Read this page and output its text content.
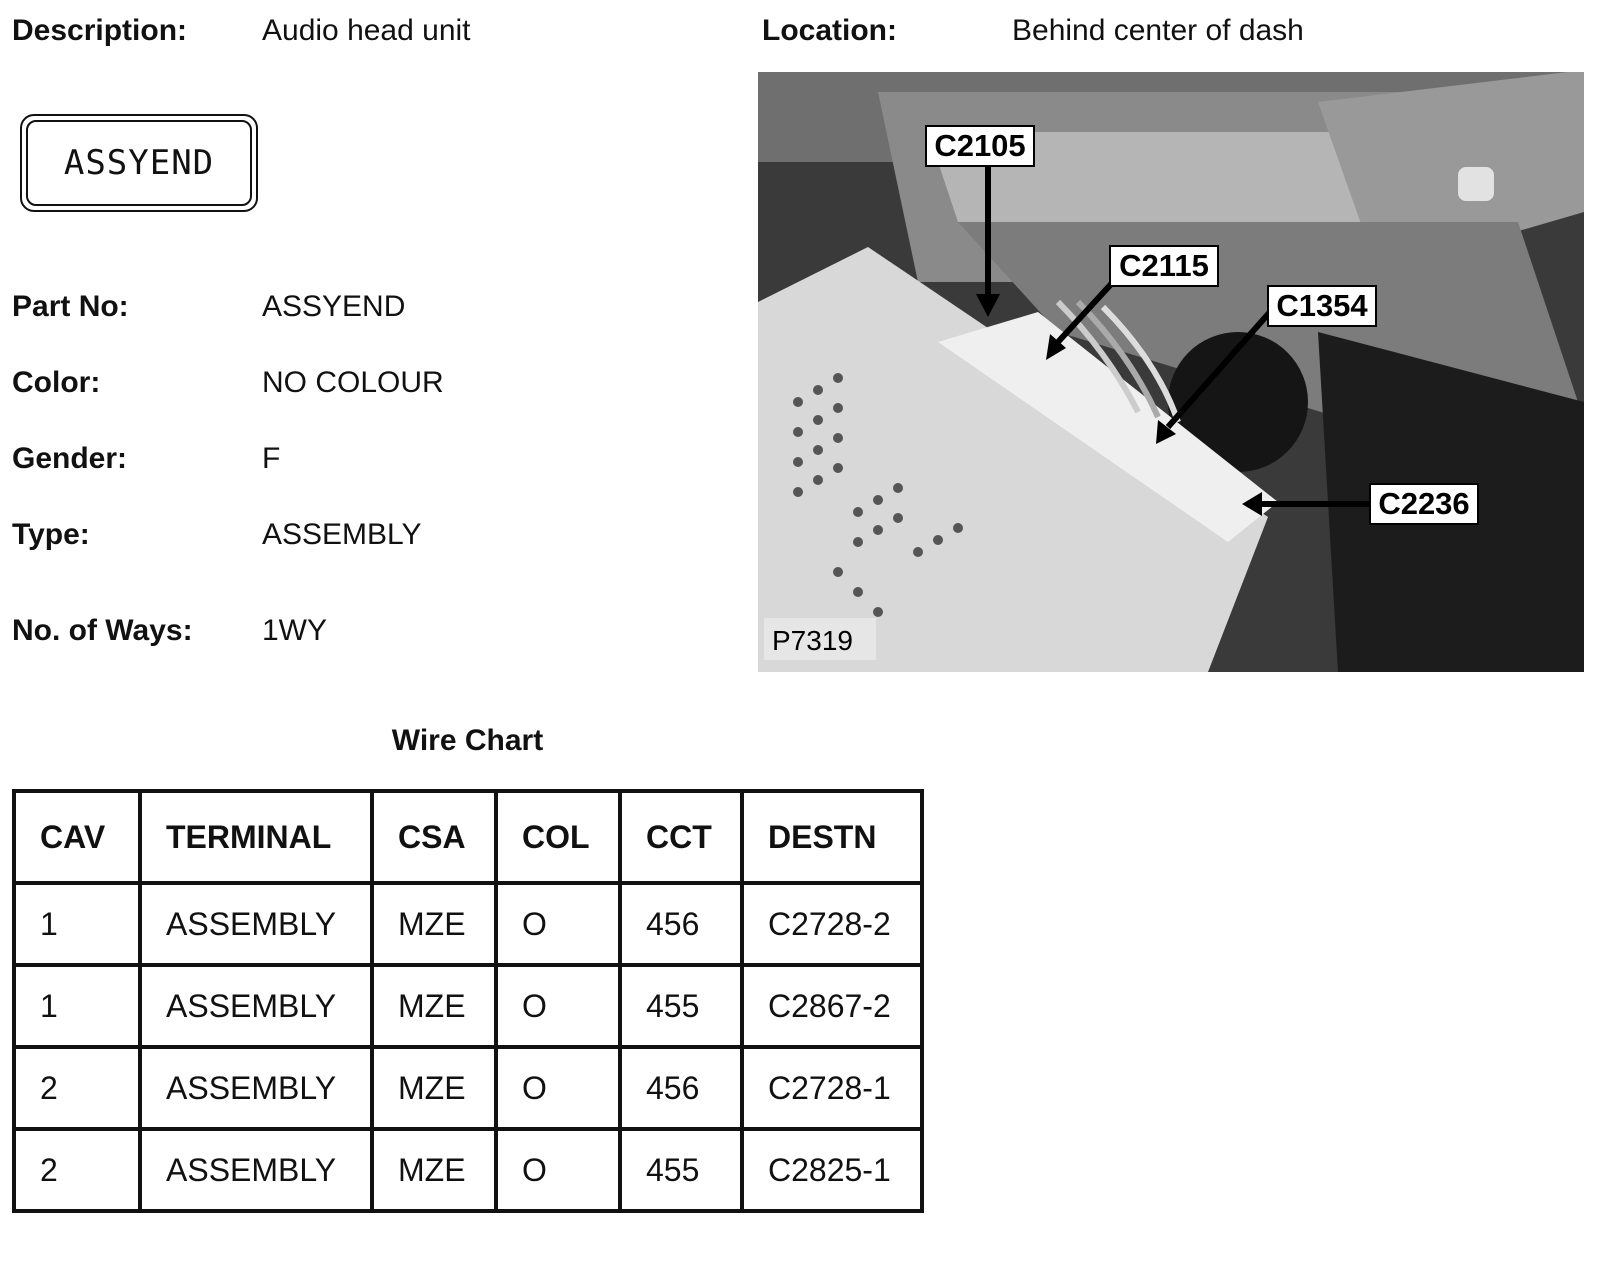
Description: Audio head unit	Location:	Behind center of dash
ASSYEND
Part No:	ASSYEND
Color:	NO COLOUR
Gender:	F
Type:	ASSEMBLY
No. of Ways: 1WY
C2105
C2115
C1354
C2236
P7319
Wire Chart
CAV	TERMINAL	CSA	COL	CCT	DESTN
1	ASSEMBLY	MZE	O	456	C2728-2
1	ASSEMBLY	MZE	O	455	C2867-2
2	ASSEMBLY	MZE	O	456	C2728-1
2	ASSEMBLY	MZE	O	455	C2825-1
